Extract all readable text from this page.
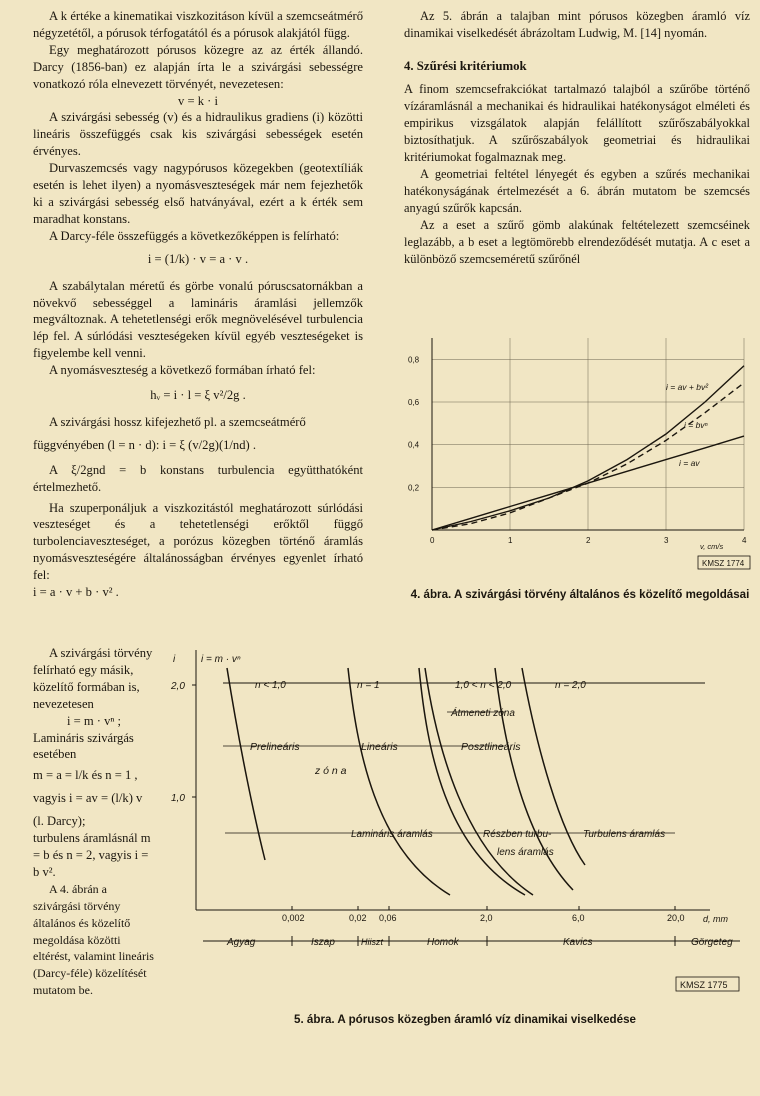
A k értéke a kinematikai viszkozitáson kívül a szemcseátmérő négyzetétől, a pórusok térfogatától és a pórusok alakjától függ.

Egy meghatározott pórusos közegre az az érték állandó. Darcy (1856-ban) ez alapján írta le a szivárgási sebességre vonatkozó róla elnevezett törvényét, nevezetesen:

v = k · i

A szivárgási sebesség (v) és a hidraulikus gradiens (i) közötti lineáris összefüggés csak kis szivárgási sebességek esetén érvényes.

Durvaszemcsés vagy nagypórusos közegekben (geotextíliák esetén is lehet ilyen) a nyomásveszteségek már nem fejezhetők ki a szivárgási sebesség első hatványával, ezért a k érték sem maradhat konstans.

A Darcy-féle összefüggés a következőképpen is felírható:

i = (1/k) · v = a · v .

A szabálytalan méretű és görbe vonalú póruscsatornákban a növekvő sebességgel a lamináris áramlási jellemzők megváltoznak. A tehetetlenségi erők megnövelésével turbulencia lép fel. A súrlódási veszteségeken kívül egyéb veszteségeket is figyelembe kell venni.

A nyomásveszteség a következő formában írható fel:

hᵥ = i · l = ξ v²/2g .

A szivárgási hossz kifejezhető pl. a szemcseátmérő

függvényében (l = n · d): i = ξ (v/2g)(1/nd) .

A ξ/2gnd = b konstans turbulencia együtthatóként értelmezhető.

Ha szuperponáljuk a viszkozitástól meghatározott súrlódási veszteséget és a tehetetlenségi erőktől függő turbolenciaveszteséget, a porózus közegben történő áramlás nyomásveszteségére általánosságban érvényes egyenlet írható fel:

i = a · v + b · v² .

A szivárgási törvény felírható egy másik, közelítő formában is, nevezetesen

i = m · vⁿ ;

Lamináris szivárgás esetében

m = a = l/k és n = 1 ,

vagyis i = av = (l/k) v

(l. Darcy);

turbulens áramlásnál m = b és n = 2, vagyis i = b v².

A 4. ábrán a szivárgási törvény általános és közelítő megoldása közötti eltérést, valamint lineáris (Darcy-féle) közelítését mutatom be.

Az 5. ábrán a talajban mint pórusos közegben áramló víz dinamikai viselkedését ábrázoltam Ludwig, M. [14] nyomán.

4. Szűrési kritériumok

A finom szemcsefrakciókat tartalmazó talajból a szűrőbe történő vízáramlásnál a mechanikai és hidraulikai hatékonyságot elméleti és empirikus vizsgálatok alapján felállított szűrőszabályokkal biztosíthatjuk. A szűrőszabályok geometriai és hidraulikai kritériumokat fogalmaznak meg.

A geometriai feltétel lényegét és egyben a szűrés mechanikai hatékonyságának értelmezését a 6. ábrán mutatom be szemcsés anyagú szűrők kapcsán.

Az a eset a szűrő gömb alakúnak feltételezett szemcséinek leglazább, a b eset a legtömörebb elrendeződését mutatja. A c eset a különböző szemcseméretű szűrőnél

0,2
0,4
0,6
0,8
0	1	2	3	4
i = av + bv²
i = bvⁿ
i = av
v, cm/s
KMSZ 1774
4. ábra. A szivárgási törvény általános és közelítő megoldásai
i	i = m · vⁿ
2,0
1,0
n < 1,0	n = 1	1,0 < n < 2,0	n = 2,0
Átmeneti zóna
Prelineáris	Lineáris	Posztlineáris
z ó n a
Lamináris áramlás	Részben turbu-
lens áramlás
Turbulens áramlás
0,002	0,02 0,06	2,0	6,0	20,0 d, mm
Agyag	Iszap	Hiiszt	Homok	Kavics	Görgeteg
KMSZ 1775
5. ábra. A pórusos közegben áramló víz dinamikai viselkedése
